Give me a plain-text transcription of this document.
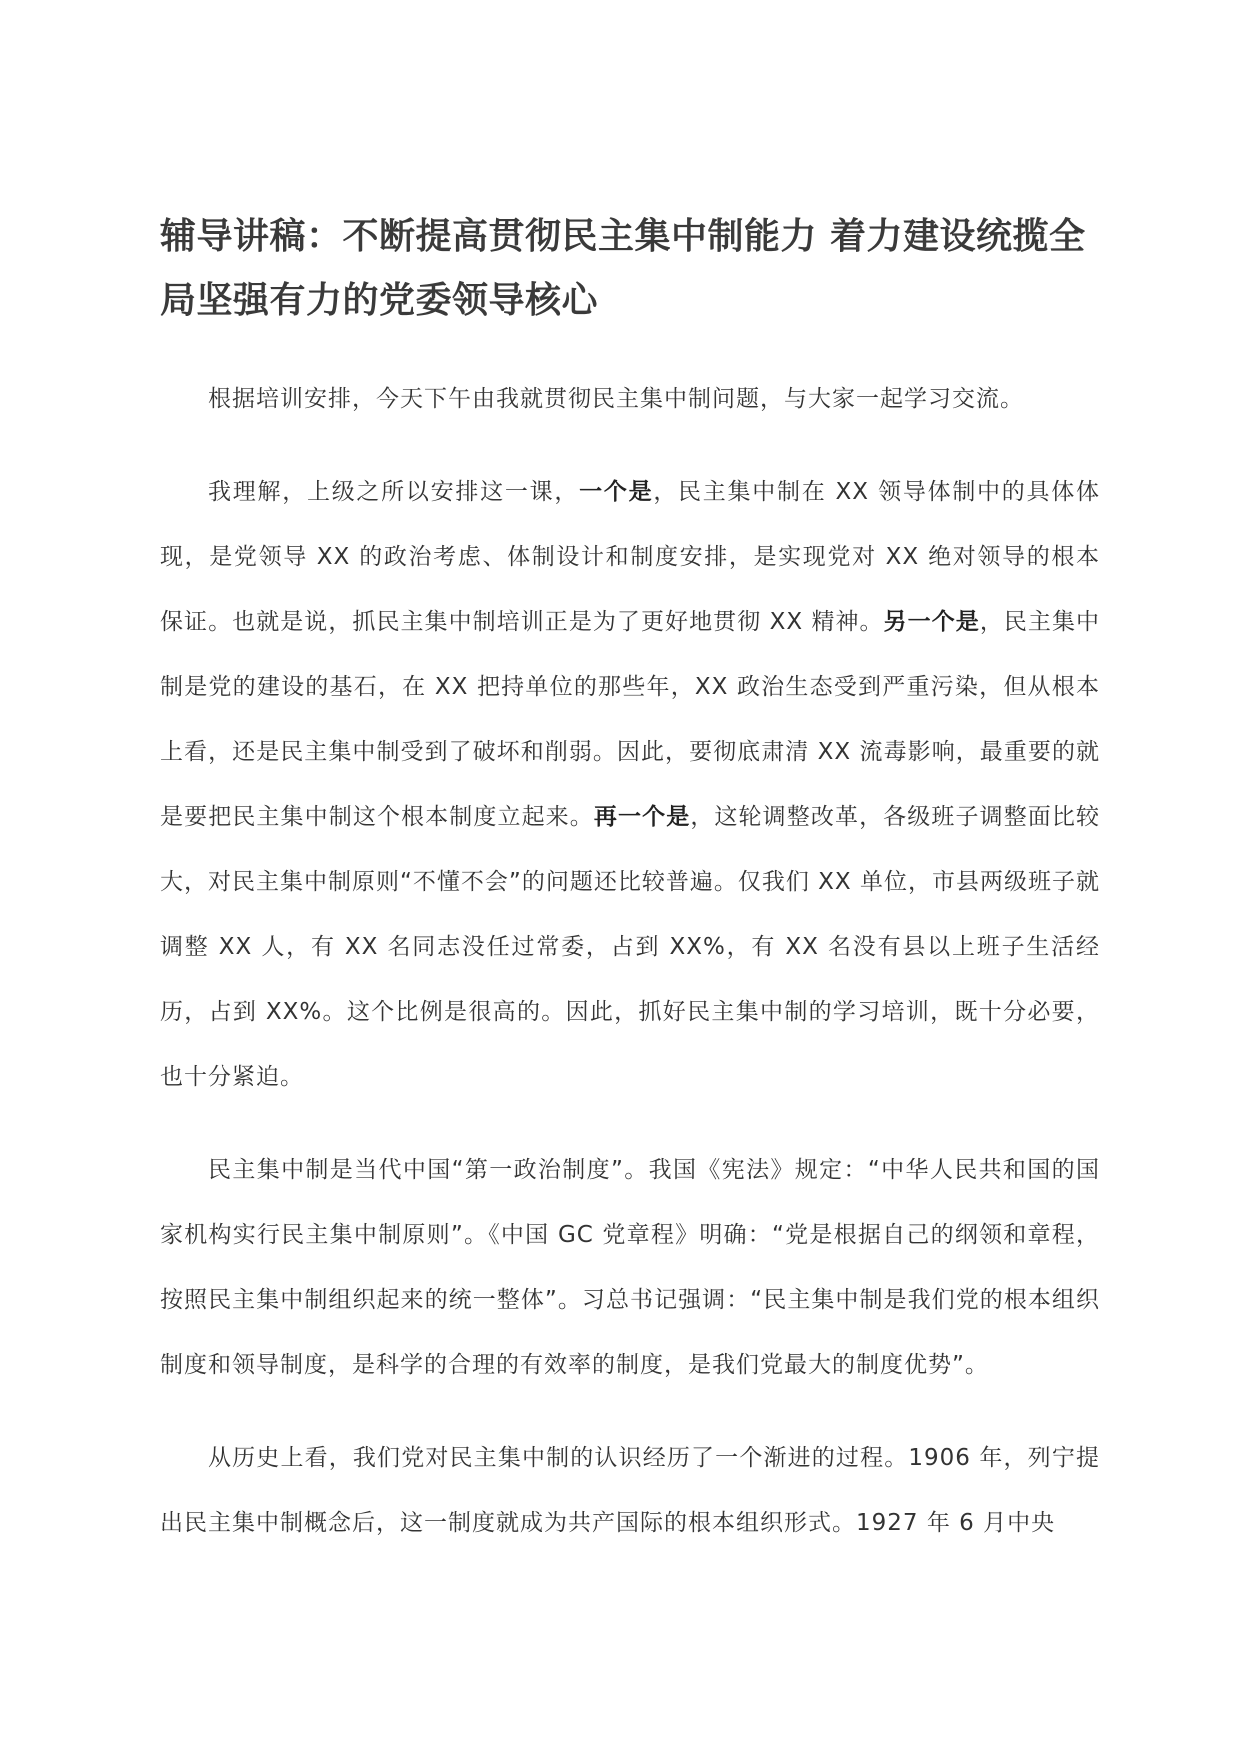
辅导讲稿：不断提高贯彻民主集中制能力 着力建设统揽全局坚强有力的党委领导核心

根据培训安排，今天下午由我就贯彻民主集中制问题，与大家一起学习交流。

我理解，上级之所以安排这一课，一个是，民主集中制在 XX 领导体制中的具体体现，是党领导 XX 的政治考虑、体制设计和制度安排，是实现党对 XX 绝对领导的根本保证。也就是说，抓民主集中制培训正是为了更好地贯彻 XX 精神。另一个是，民主集中制是党的建设的基石，在 XX 把持单位的那些年，XX 政治生态受到严重污染，但从根本上看，还是民主集中制受到了破坏和削弱。因此，要彻底肃清 XX 流毒影响，最重要的就是要把民主集中制这个根本制度立起来。再一个是，这轮调整改革，各级班子调整面比较大，对民主集中制原则“不懂不会”的问题还比较普遍。仅我们 XX 单位，市县两级班子就调整 XX 人，有 XX 名同志没任过常委，占到 XX%，有 XX 名没有县以上班子生活经历，占到 XX%。这个比例是很高的。因此，抓好民主集中制的学习培训，既十分必要，也十分紧迫。

民主集中制是当代中国“第一政治制度”。我国《宪法》规定：“中华人民共和国的国家机构实行民主集中制原则”。《中国 GC 党章程》明确：“党是根据自己的纲领和章程，按照民主集中制组织起来的统一整体”。习总书记强调：“民主集中制是我们党的根本组织制度和领导制度，是科学的合理的有效率的制度，是我们党最大的制度优势”。

从历史上看，我们党对民主集中制的认识经历了一个渐进的过程。1906 年，列宁提出民主集中制概念后，这一制度就成为共产国际的根本组织形式。1927 年 6 月中央
